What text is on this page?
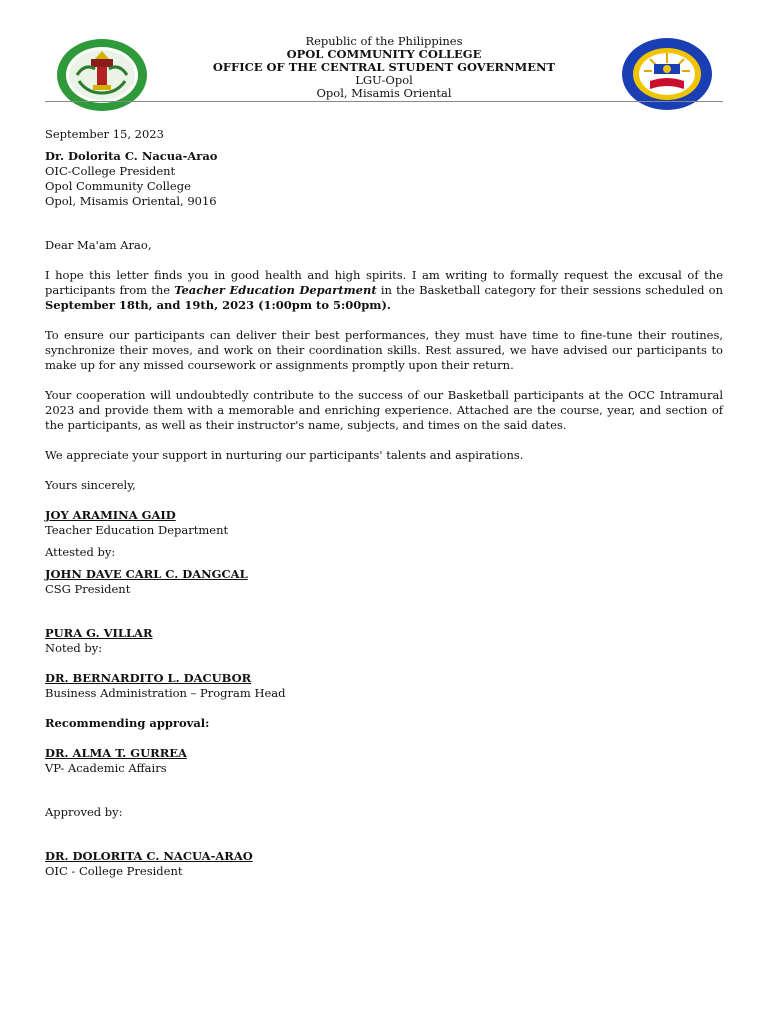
Republic of the Philippines
OPOL COMMUNITY COLLEGE
OFFICE OF THE CENTRAL STUDENT GOVERNMENT
LGU-Opol
Opol, Misamis Oriental

September 15, 2023

Dr. Dolorita C. Nacua-Arao

OIC-College President

Opol Community College

Opol, Misamis Oriental, 9016

Dear Ma'am Arao,

I hope this letter finds you in good health and high spirits. I am writing to formally request the excusal of the participants from the Teacher Education Department in the Basketball category for their sessions scheduled on September 18th, and 19th, 2023 (1:00pm to 5:00pm).

To ensure our participants can deliver their best performances, they must have time to fine-tune their routines, synchronize their moves, and work on their coordination skills. Rest assured, we have advised our participants to make up for any missed coursework or assignments promptly upon their return.

Your cooperation will undoubtedly contribute to the success of our Basketball participants at the OCC Intramural 2023 and provide them with a memorable and enriching experience. Attached are the course, year, and section of the participants, as well as their instructor's name, subjects, and times on the said dates.

We appreciate your support in nurturing our participants' talents and aspirations.

Yours sincerely,

JOY ARAMINA GAID

Teacher Education Department

Attested by:

JOHN DAVE CARL C. DANGCAL

CSG President

PURA G. VILLAR

Noted by:

DR. BERNARDITO L. DACUBOR

Business Administration – Program Head

Recommending approval:

DR. ALMA T. GURREA

VP- Academic Affairs

Approved by:

DR. DOLORITA C. NACUA-ARAO

OIC - College President
